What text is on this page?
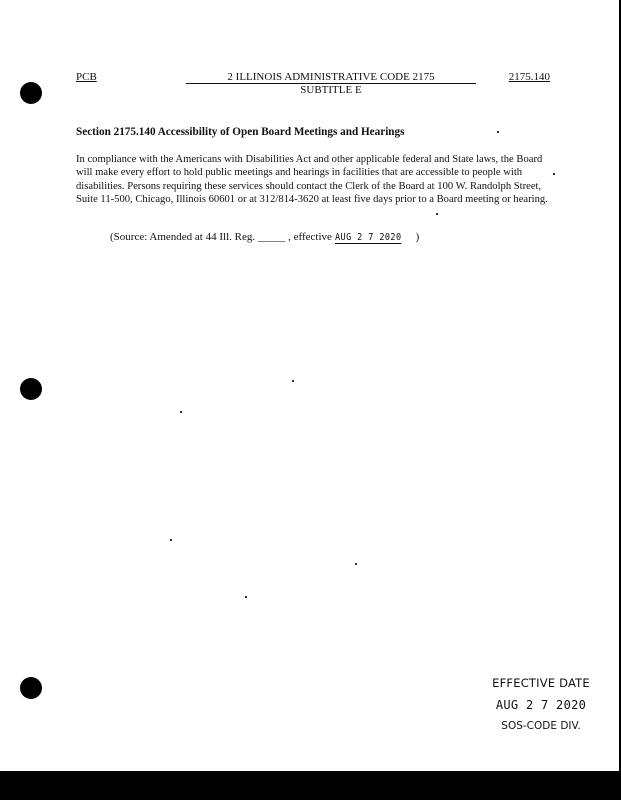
PCB	2 ILLINOIS ADMINISTRATIVE CODE 2175	2175.140
SUBTITLE E
Section 2175.140 Accessibility of Open Board Meetings and Hearings
In compliance with the Americans with Disabilities Act and other applicable federal and State laws, the Board will make every effort to hold public meetings and hearings in facilities that are accessible to people with disabilities. Persons requiring these services should contact the Clerk of the Board at 100 W. Randolph Street, Suite 11-500, Chicago, Illinois 60601 or at 312/814-3620 at least five days prior to a Board meeting or hearing.
(Source: Amended at 44 Ill. Reg. _____ , effective AUG 2 7 2020 )
EFFECTIVE DATE
AUG 2 7 2020
SOS-CODE DIV.
